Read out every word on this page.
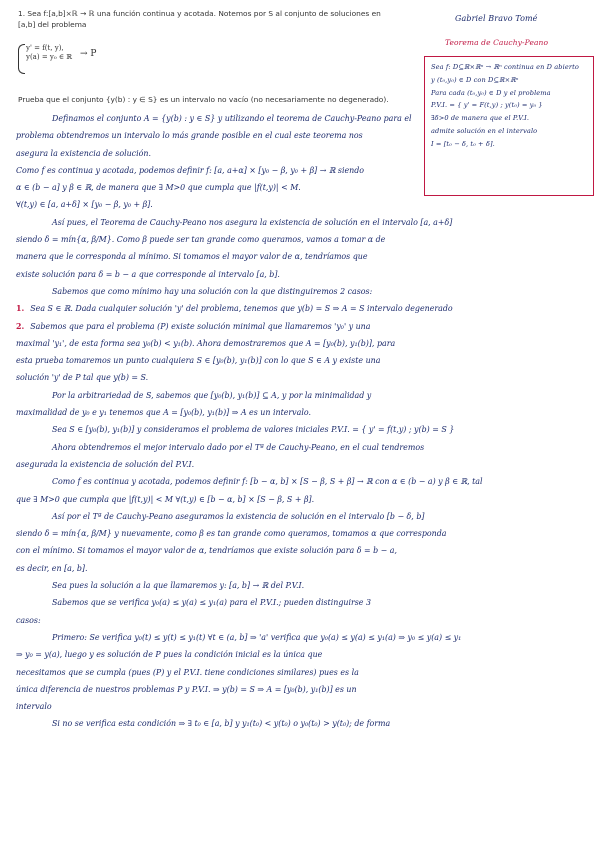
1. Sea f:[a,b]×ℝ → ℝ una función continua y acotada. Notemos por S al conjunto de soluciones en [a,b] del problema
y' = f(t, y),
y(a) = y₀ ∈ ℝ → P
Prueba que el conjunto {y(b) : y ∈ S} es un intervalo no vacío (no necesariamente no degenerado).
Gabriel Bravo Tomé
Teorema de Cauchy-Peano
Sea f: D⊆ℝ×ℝⁿ → ℝⁿ continua en D abierto
y (t₀,y₀) ∈ D con D⊆ℝ×ℝⁿ
Para cada (t₀,y₀) ∈ D y el problema
P.V.I. = { y' = F(t,y) ; y(t₀) = y₀ }
∃δ>0 de manera que el P.V.I.
admite solución en el intervalo
I = [t₀ − δ, t₀ + δ].

Definamos el conjunto A = {y(b) : y ∈ S} y utilizando el teorema de Cauchy-Peano para el

problema obtendremos un intervalo lo más grande posible en el cual este teorema nos

asegura la existencia de solución.

Como f es continua y acotada, podemos definir f: [a, a+α] × [y₀ − β, y₀ + β] → ℝ siendo

α ∈ (b − a] y β ∈ ℝ, de manera que ∃ M>0 que cumpla que |f(t,y)| < M.

∀(t,y) ∈ [a, a+δ] × [y₀ − β, y₀ + β].

Así pues, el Teorema de Cauchy-Peano nos asegura la existencia de solución en el intervalo [a, a+δ]

siendo δ = mín{α, β/M}. Como β puede ser tan grande como queramos, vamos a tomar α de

manera que le corresponda al mínimo. Si tomamos el mayor valor de α, tendríamos que

existe solución para δ = b − a que corresponde al intervalo [a, b].

Sabemos que como mínimo hay una solución con la que distinguiremos 2 casos:

1. Sea S ∈ ℝ. Dada cualquier solución 'y' del problema, tenemos que y(b) = S ⇒ A = S intervalo degenerado

2. Sabemos que para el problema (P) existe solución minimal que llamaremos 'y₀' y una

maximal 'y₁', de esta forma sea y₀(b) < y₁(b). Ahora demostraremos que A = [y₀(b), y₁(b)], para

esta prueba tomaremos un punto cualquiera S ∈ [y₀(b), y₁(b)] con lo que S ∈ A y existe una

solución 'y' de P tal que y(b) = S.

Por la arbitrariedad de S, sabemos que [y₀(b), y₁(b)] ⊆ A, y por la minimalidad y

maximalidad de y₀ e y₁ tenemos que A = [y₀(b), y₁(b)] ⇒ A es un intervalo.

Sea S ∈ [y₀(b), y₁(b)] y consideramos el problema de valores iniciales P.V.I. = { y' = f(t,y) ; y(b) = S }

Ahora obtendremos el mejor intervalo dado por el Tª de Cauchy-Peano, en el cual tendremos

asegurada la existencia de solución del P.V.I.

Como f es continua y acotada, podemos definir f: [b − α, b] × [S − β, S + β] → ℝ con α ∈ (b − a) y β ∈ ℝ, tal

que ∃ M>0 que cumpla que |f(t,y)| < M ∀(t,y) ∈ [b − α, b] × [S − β, S + β].

Así por el Tª de Cauchy-Peano aseguramos la existencia de solución en el intervalo [b − δ, b]

siendo δ = mín{α, β/M} y nuevamente, como β es tan grande como queramos, tomamos α que corresponda

con el mínimo. Si tomamos el mayor valor de α, tendríamos que existe solución para δ = b − a,

es decir, en [a, b].

Sea pues la solución a la que llamaremos y: [a, b] → ℝ del P.V.I.

Sabemos que se verifica y₀(a) ≤ y(a) ≤ y₁(a) para el P.V.I.; pueden distinguirse 3

casos:

Primero: Se verifica y₀(t) ≤ y(t) ≤ y₁(t) ∀t ∈ (a, b] ⇒ 'a' verifica que y₀(a) ≤ y(a) ≤ y₁(a) ⇒ y₀ ≤ y(a) ≤ y₁

⇒ y₀ = y(a), luego y es solución de P pues la condición inicial es la única que

necesitamos que se cumpla (pues (P) y el P.V.I. tiene condiciones similares) pues es la

única diferencia de nuestros problemas P y P.V.I. ⇒ y(b) = S ⇒ A = [y₀(b), y₁(b)] es un

intervalo

Si no se verifica esta condición ⇒ ∃ t₀ ∈ [a, b] y y₁(t₀) < y(t₀) o y₀(t₀) > y(t₀); de forma
